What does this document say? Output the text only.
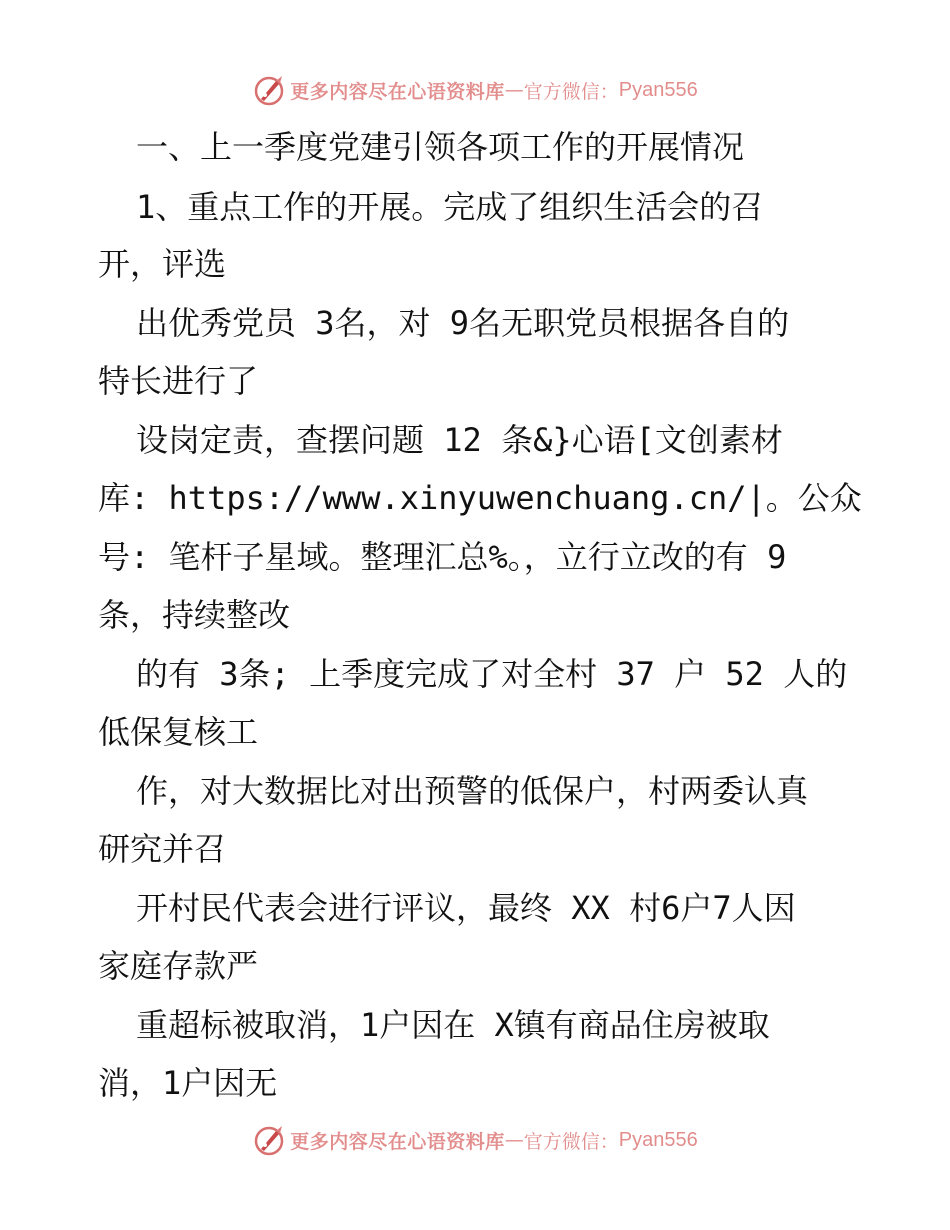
更多内容尽在心语资料库 — 官方微信： Pyan556
一、上一季度党建引领各项工作的开展情况
1、重点工作的开展。完成了组织生活会的召
开，评选
出优秀党员 3名，对 9名无职党员根据各自的
特长进行了
设岗定责，查摆问题 12 条&}心语[文创素材
库: https://www.xinyuwenchuang.cn/|。公众
号: 笔杆子星域。整理汇总%。，立行立改的有 9
条，持续整改
的有 3条; 上季度完成了对全村 37 户 52 人的
低保复核工
作，对大数据比对出预警的低保户，村两委认真
研究并召
开村民代表会进行评议，最终 XX 村6户7人因
家庭存款严
重超标被取消，1户因在 X镇有商品住房被取
消，1户因无
更多内容尽在心语资料库 — 官方微信： Pyan556
